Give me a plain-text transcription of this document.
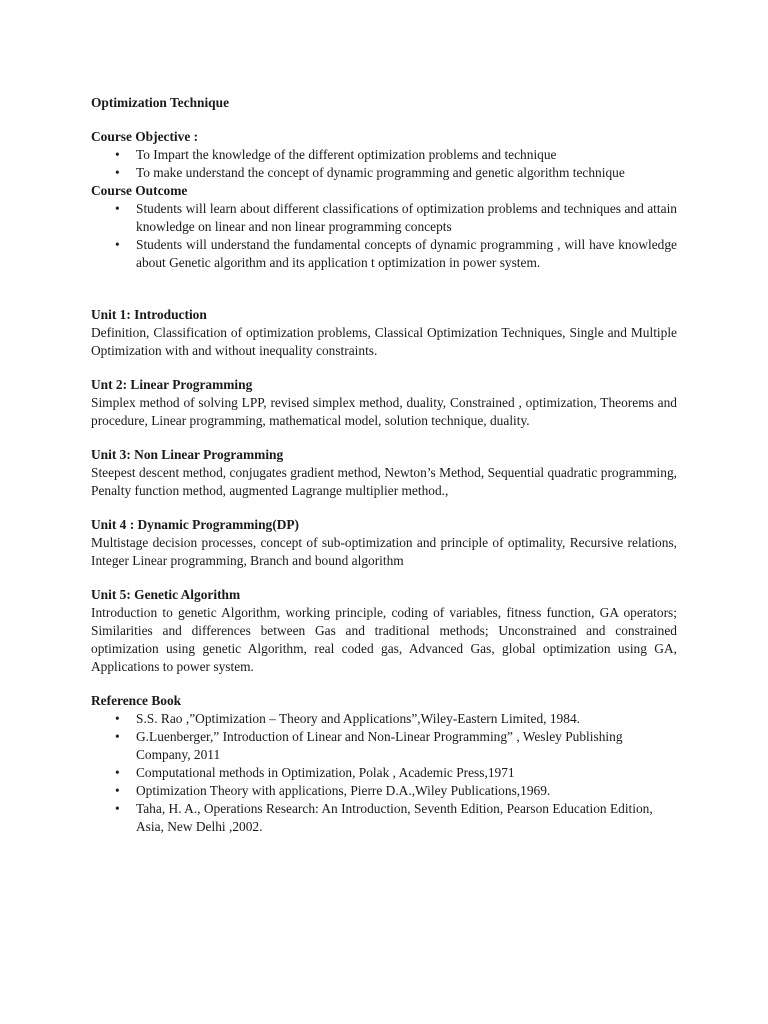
Optimization Technique

Course Objective :

•	To Impart the knowledge of the different optimization problems and technique
•	To make understand the concept of dynamic programming and genetic algorithm technique

Course Outcome

•	Students will learn about different classifications of optimization problems and techniques and attain knowledge on linear and non linear programming concepts
•	Students will understand the fundamental concepts of dynamic programming , will have knowledge about Genetic algorithm and its application t optimization in power system.

Unit 1: Introduction

Definition, Classification of optimization problems, Classical Optimization Techniques, Single and Multiple Optimization with and without inequality constraints.

Unt 2: Linear Programming

Simplex method of solving LPP, revised simplex method, duality, Constrained , optimization, Theorems and procedure, Linear programming, mathematical model, solution technique, duality.

Unit 3: Non Linear Programming

Steepest descent method, conjugates gradient method, Newton’s Method, Sequential quadratic programming, Penalty function method, augmented Lagrange multiplier method.,

Unit 4 : Dynamic Programming(DP)

Multistage decision processes, concept of sub-optimization and principle of optimality, Recursive relations, Integer Linear programming, Branch and bound algorithm

Unit 5: Genetic Algorithm

Introduction to genetic Algorithm, working principle, coding of variables, fitness function, GA operators; Similarities and differences between Gas and traditional methods; Unconstrained and constrained optimization using genetic Algorithm, real coded gas, Advanced Gas, global optimization using GA, Applications to power system.

Reference Book

•	S.S. Rao ,”Optimization – Theory and Applications”,Wiley-Eastern Limited, 1984.
•	G.Luenberger,” Introduction of Linear and Non-Linear Programming” , Wesley Publishing Company, 2011
•	Computational methods in Optimization, Polak , Academic Press,1971
•	Optimization Theory with applications, Pierre D.A.,Wiley Publications,1969.
•	Taha, H. A., Operations Research: An Introduction, Seventh Edition, Pearson Education Edition, Asia, New Delhi ,2002.
